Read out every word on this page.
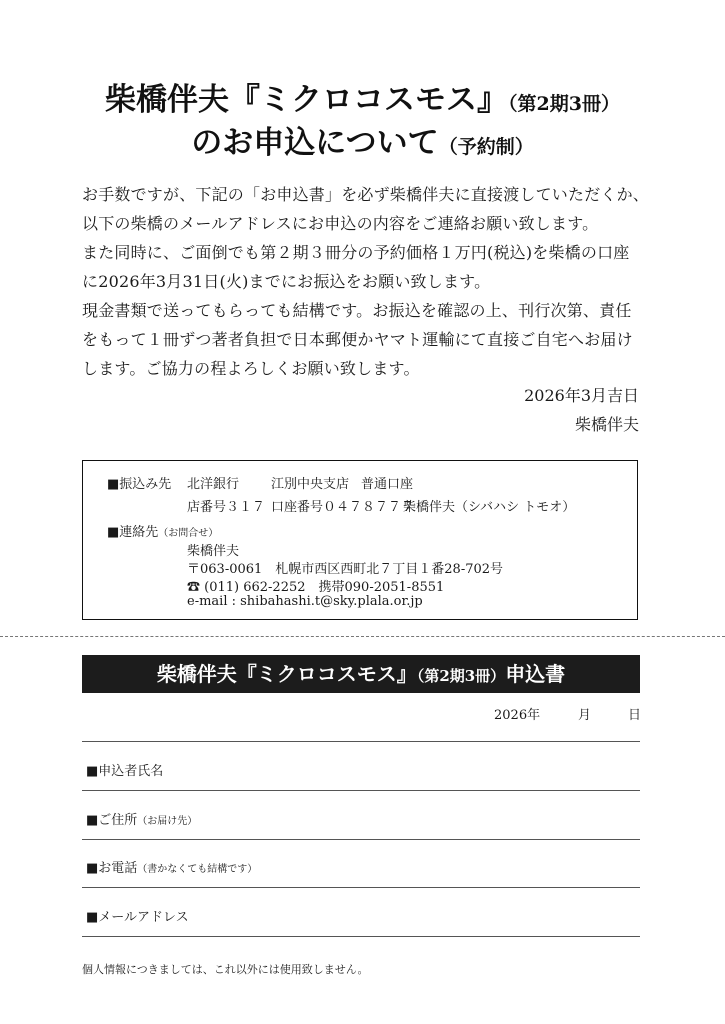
柴橋伴夫『ミクロコスモス』（第2期3冊）
のお申込について（予約制）
お手数ですが、下記の「お申込書」を必ず柴橋伴夫に直接渡していただくか、
以下の柴橋のメールアドレスにお申込の内容をご連絡お願い致します。
また同時に、ご面倒でも第２期３冊分の予約価格１万円(税込)を柴橋の口座
に2026年3月31日(火)までにお振込をお願い致します。
現金書類で送ってもらっても結構です。お振込を確認の上、刊行次第、責任
をもって１冊ずつ著者負担で日本郵便かヤマト運輸にて直接ご自宅へお届け
します。ご協力の程よろしくお願い致します。
2026年3月吉日
柴橋伴夫
■振込み先 北洋銀行 江別中央支店 普通口座
店番号３１７ 口座番号０４７８７７７
柴橋伴夫（シバハシ トモオ）
■連絡先（お問合せ）
柴橋伴夫
〒063-0061　札幌市西区西町北７丁目１番28-702号
☎ (011) 662-2252　携帯090-2051-8551
e-mail : shibahashi.t@sky.plala.or.jp
柴橋伴夫『ミクロコスモス』（第2期3冊）申込書
2026年	月	日
■申込者氏名
■ご住所（お届け先）
■お電話（書かなくても結構です）
■メールアドレス
個人情報につきましては、これ以外には使用致しません。
